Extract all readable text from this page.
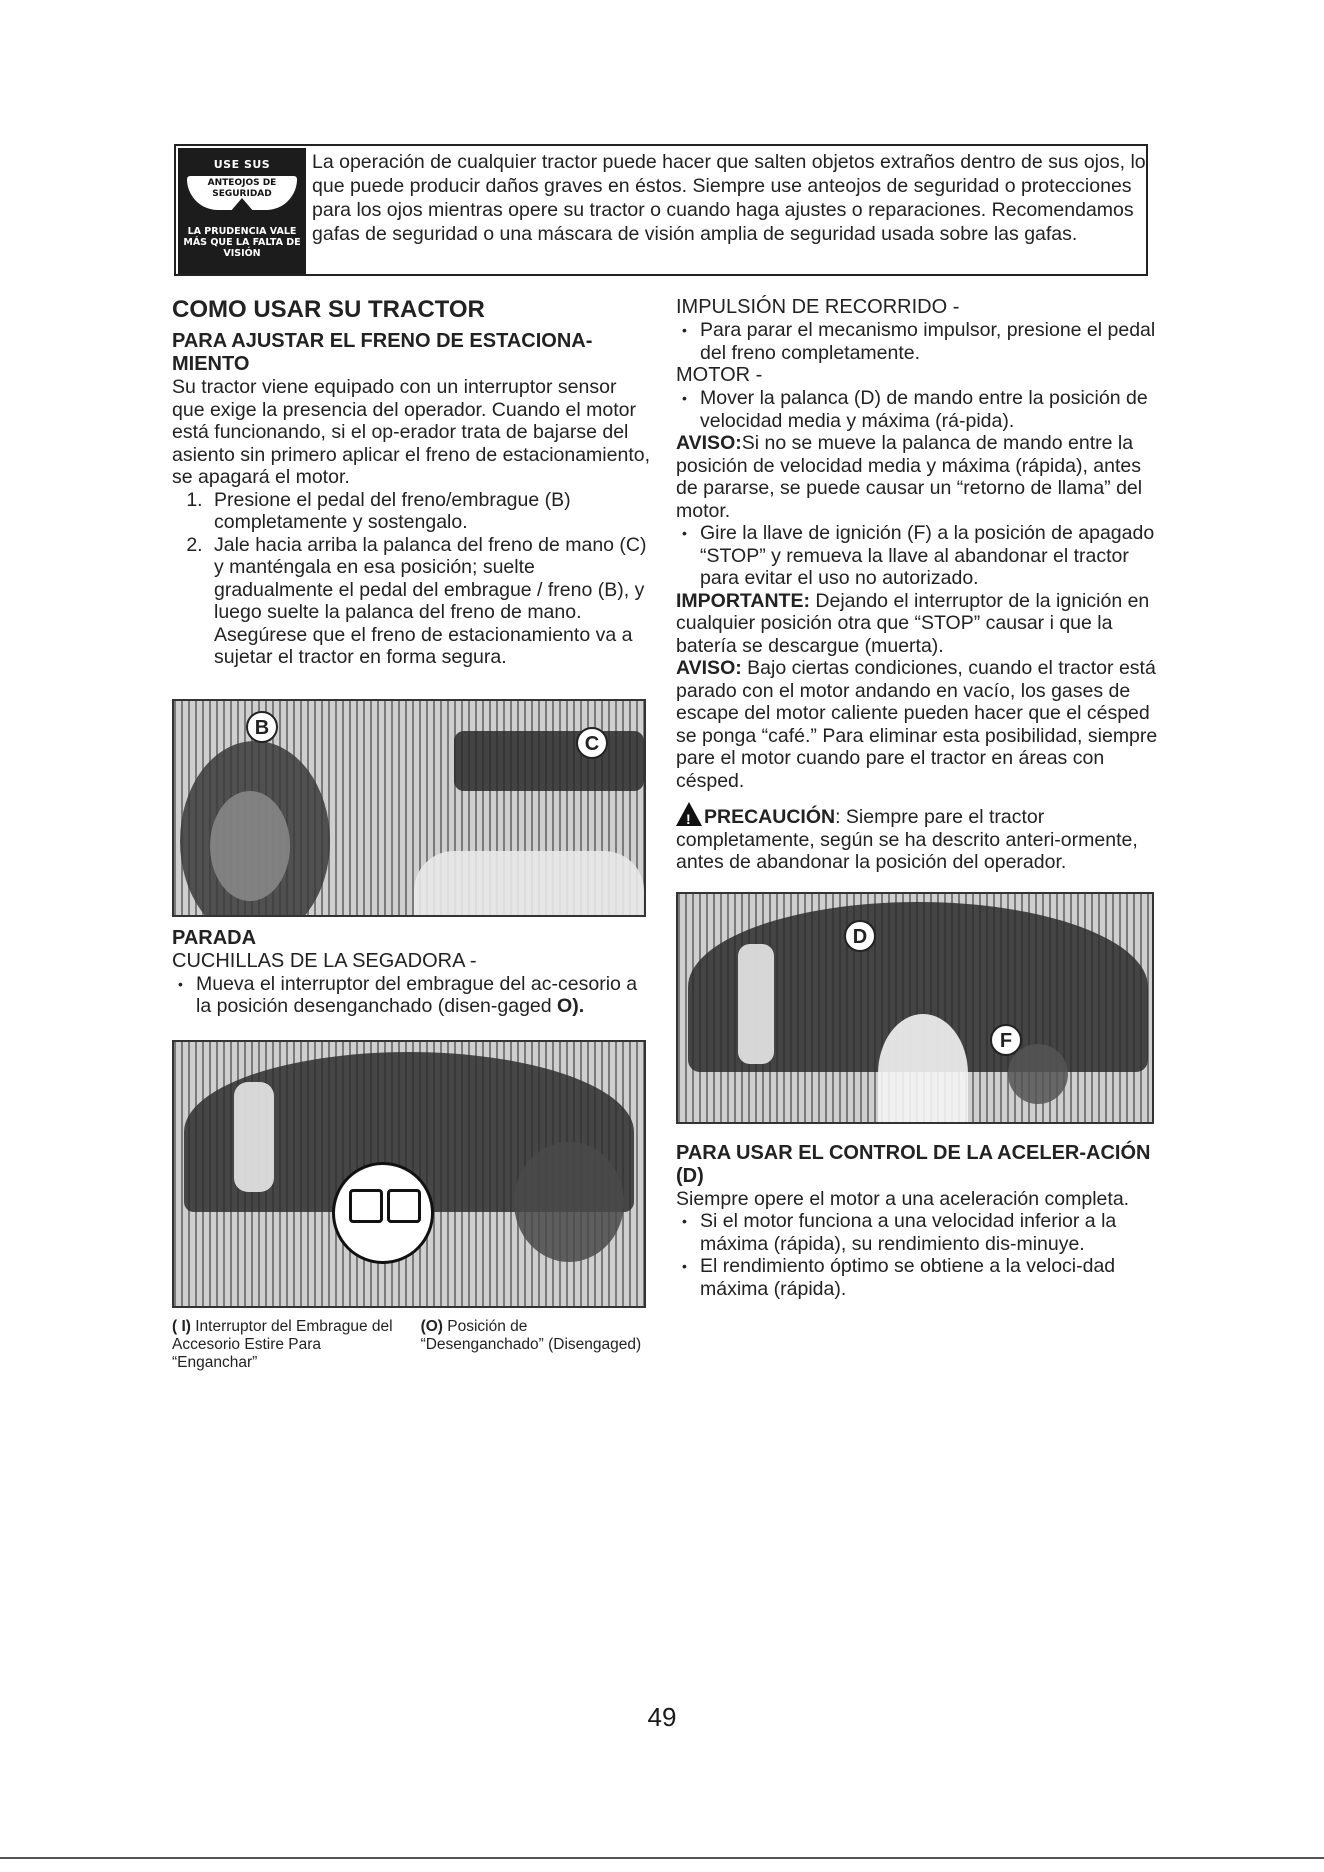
USE SUS
ANTEOJOS DE SEGURIDAD
LA PRUDENCIA VALE MÁS QUE LA FALTA DE VISIÓN
La operación de cualquier tractor puede hacer que salten objetos extraños dentro de sus ojos, lo que puede producir daños graves en éstos. Siempre use anteojos de seguridad o protecciones para los ojos mientras opere su tractor o cuando haga ajustes o reparaciones. Recomendamos gafas de seguridad o una máscara de visión amplia de seguridad usada sobre las gafas.
COMO USAR SU TRACTOR
PARA AJUSTAR EL FRENO DE ESTACIONA-MIENTO

Su tractor viene equipado con un interruptor sensor que exige la presencia del operador. Cuando el motor está funcionando, si el op-erador trata de bajarse del asiento sin primero aplicar el freno de estacionamiento, se apagará el motor.

1. Presione el pedal del freno/embrague (B) completamente y sostengalo.
2. Jale hacia arriba la palanca del freno de mano (C) y manténgala en esa posición; suelte gradualmente el pedal del embrague / freno (B), y luego suelte la palanca del freno de mano. Asegúrese que el freno de estacionamiento va a sujetar el tractor en forma segura.
B
C
PARADA
CUCHILLAS DE LA SEGADORA -
• Mueva el interruptor del embrague del ac-cesorio a la posición desenganchado (disen-gaged O).
( I) Interruptor del Embrague del Accesorio Estire Para “Enganchar”
(O) Posición de “Desenganchado” (Disengaged)
IMPULSIÓN DE RECORRIDO -
• Para parar el mecanismo impulsor, presione el pedal del freno completamente.
MOTOR -
• Mover la palanca (D) de mando entre la posición de velocidad media y máxima (rá-pida).

AVISO:Si no se mueve la palanca de mando entre la posición de velocidad media y máxima (rápida), antes de pararse, se puede causar un “retorno de llama” del motor.

• Gire la llave de ignición (F) a la posición de apagado “STOP” y remueva la llave al abandonar el tractor para evitar el uso no autorizado.

IMPORTANTE: Dejando el interruptor de la ignición en cualquier posición otra que “STOP” causar i que la batería se descargue (muerta).

AVISO: Bajo ciertas condiciones, cuando el tractor está parado con el motor andando en vacío, los gases de escape del motor caliente pueden hacer que el césped se ponga “café.” Para eliminar esta posibilidad, siempre pare el motor cuando pare el tractor en áreas con césped.

!PRECAUCIÓN: Siempre pare el tractor completamente, según se ha descrito anteri-ormente, antes de abandonar la posición del operador.

D
F
PARA USAR EL CONTROL DE LA ACELER-ACIÓN (D)

Siempre opere el motor a una aceleración completa.

• Si el motor funciona a una velocidad inferior a la máxima (rápida), su rendimiento dis-minuye.
• El rendimiento óptimo se obtiene a la veloci-dad máxima (rápida).
49
